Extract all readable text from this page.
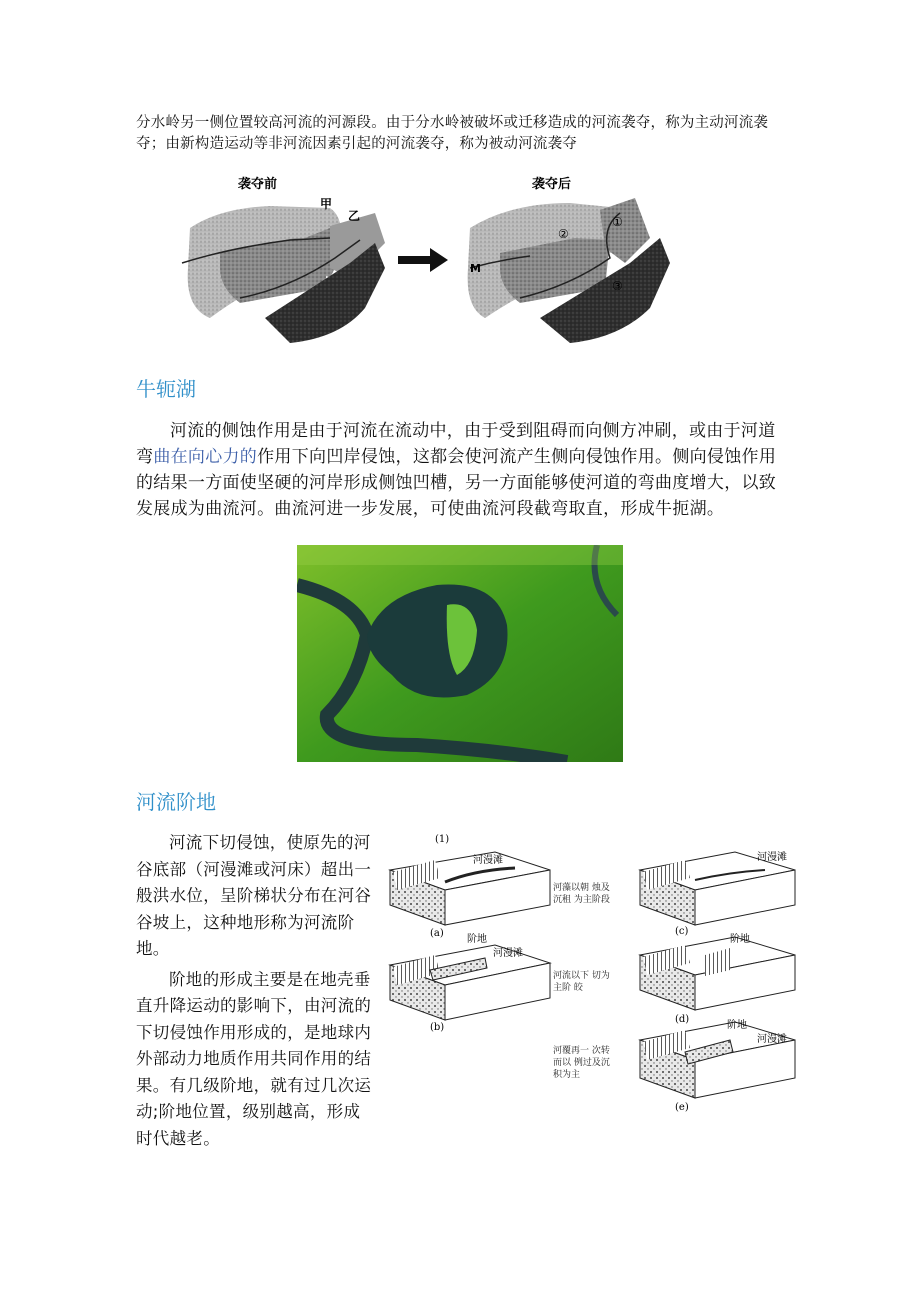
分水岭另一侧位置较高河流的河源段。由于分水岭被破坏或迁移造成的河流袭夺，称为主动河流袭夺；由新构造运动等非河流因素引起的河流袭夺，称为被动河流袭夺
袭夺前
甲
乙
袭夺后
M
②
①
③
牛轭湖

河流的侧蚀作用是由于河流在流动中，由于受到阻碍而向侧方冲刷，或由于河道弯曲在向心力的作用下向凹岸侵蚀，这都会使河流产生侧向侵蚀作用。侧向侵蚀作用的结果一方面使坚硬的河岸形成侧蚀凹槽，另一方面能够使河道的弯曲度增大，以致发展成为曲流河。曲流河进一步发展，可使曲流河段截弯取直，形成牛扼湖。

河流阶地

河流下切侵蚀，使原先的河谷底部（河漫滩或河床）超出一般洪水位，呈阶梯状分布在河谷谷坡上，这种地形称为河流阶地。

阶地的形成主要是在地壳垂直升降运动的影响下，由河流的下切侵蚀作用形成的，是地球内外部动力地质作用共同作用的结果。有几级阶地，就有过几次运动;阶地位置，级别越高，形成时代越老。

(1)
河漫滩
(a)
阶地
河漫滩
(b)
河藻以朝 烛及沉租 为主阶段
河流以下 切为主阶 皎
河覆再一 次转而以 例过及沉 积为主
河漫滩
(c)
阶地
(d)
阶地
河漫滩
(e)
